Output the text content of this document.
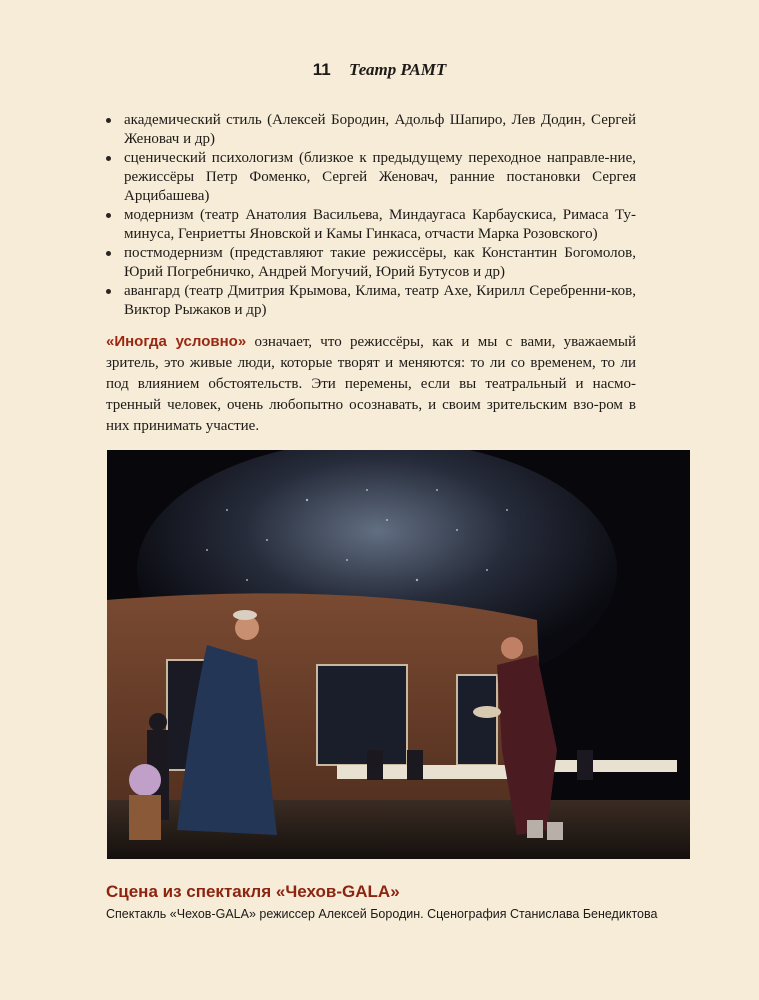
11 Театр РАМТ
академический стиль (Алексей Бородин, Адольф Шапиро, Лев Додин, Сергей Женовач и др)
сценический психологизм (близкое к предыдущему переходное направле-ние, режиссёры Петр Фоменко, Сергей Женовач, ранние постановки Сергея Арцибашева)
модернизм (театр Анатолия Васильева, Миндаугаса Карбаускиса, Римаса Ту-минуса, Генриетты Яновской и Камы Гинкаса, отчасти Марка Розовского)
постмодернизм (представляют такие режиссёры, как Константин Богомолов, Юрий Погребничко, Андрей Могучий, Юрий Бутусов и др)
авангард (театр Дмитрия Крымова, Клима, театр Ахе, Кирилл Серебренни-ков, Виктор Рыжаков и др)

«Иногда условно» означает, что режиссёры, как и мы с вами, уважаемый зритель, это живые люди, которые творят и меняются: то ли со временем, то ли под влиянием обстоятельств. Эти перемены, если вы театральный и насмо-тренный человек, очень любопытно осознавать, и своим зрительским взо-ром в них принимать участие.

Сцена из спектакля «Чехов-GALA»
Спектакль «Чехов-GALA» режиссер Алексей Бородин. Сценография Станислава Бенедиктова
